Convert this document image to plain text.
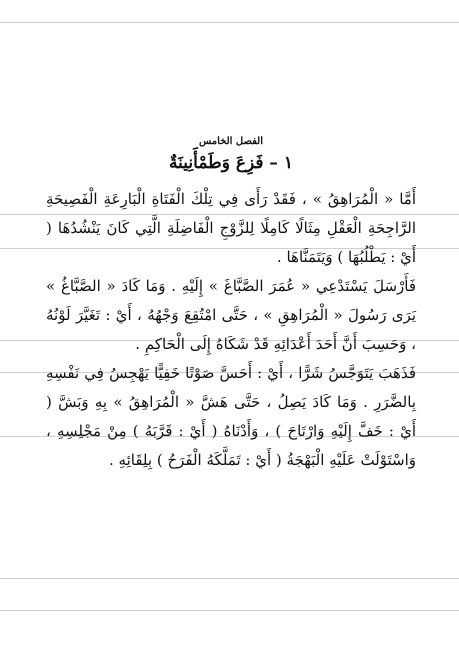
الفصل الخامس
١ – فَزِعَ وَطَمْأَنِينَةٌ

أَمَّا « الْمُرَاهِقُ » ، فَقَدْ رَأَى فِي تِلْكَ الْفَتَاةِ الْبَارِعَةِ الْفَصِيحَةِ الرَّاجِحَةِ الْعَقْلِ مِثَالًا كَامِلًا لِلزَّوْجِ الْفَاضِلَةِ الَّتِي كَانَ يَنْشُدُهَا ( أَيْ : يَطْلُبُهَا ) وَيَتَمَنَّاهَا .

فَأَرْسَلَ يَسْتَدْعِي « عُمَرَ الصَّبَّاغَ » إِلَيْهِ . وَمَا كَادَ « الصَّبَّاغُ » يَرَى رَسُولَ « الْمُرَاهِقِ » ، حَتَّى امْتُقِعَ وَجْهُهُ ، أَيْ : تَغَيَّرَ لَوْنُهُ ، وَحَسِبَ أَنَّ أَحَدَ أَعْدَائِهِ قَدْ شَكَاهُ إِلَى الْحَاكِمِ .

فَذَهَبَ يَتَوَجَّسُ شَرًّا ، أَيْ : أَحَسَّ صَوْتًا خَفِيًّا يَهْجِسُ فِي نَفْسِهِ بِالضَّرَرِ . وَمَا كَادَ يَصِلُ ، حَتَّى هَشَّ « الْمُرَاهِقُ » بِهِ وَبَشَّ ( أَيْ : خَفَّ إِلَيْهِ وَارْتَاحَ ) ، وَأَدْنَاهُ ( أَيْ : قَرَّبَهُ ) مِنْ مَجْلِسِهِ ، وَاسْتَوْلَتْ عَلَيْهِ الْبَهْجَةُ ( أَيْ : تَمَلَّكَهُ الْفَرَحُ ) بِلِقَائِهِ .
